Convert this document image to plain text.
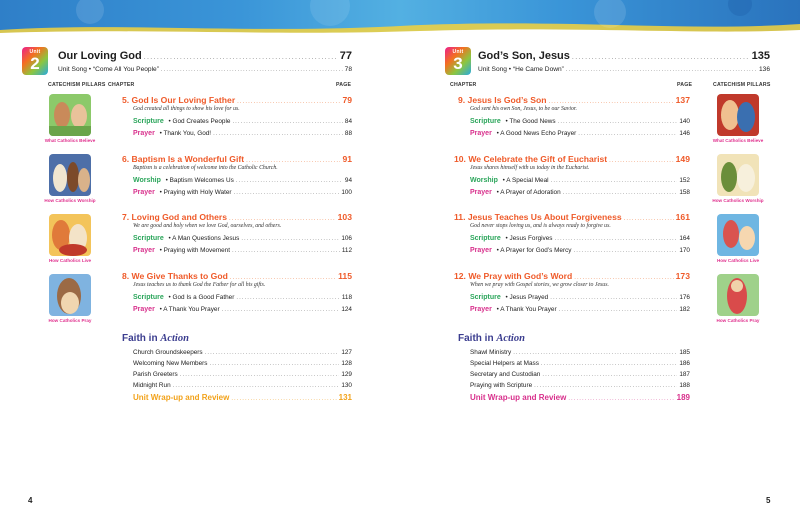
Unit
2	Our Loving God . . .	77
Unit Song • “Come All You People” . . .	78
CATECHISM PILLARS CHAPTER	PAGE
What Catholics Believe
How Catholics Worship
How Catholics Live
How Catholics Pray
5. God Is Our Loving Father . . .	79
God created all things to show his love for us.
Scripture • God Creates People . . .	84
Prayer • Thank You, God! . . .	88
6. Baptism Is a Wonderful Gift . . .	91
Baptism is a celebration of welcome into the Catholic Church.
Worship • Baptism Welcomes Us . . .	94
Prayer • Praying with Holy Water . . .	100
7. Loving God and Others . . .	103
We are good and holy when we love God, ourselves, and others.
Scripture • A Man Questions Jesus . . .	106
Prayer • Praying with Movement . . .	112
8. We Give Thanks to God . . .	115
Jesus teaches us to thank God the Father for all his gifts.
Scripture • God Is a Good Father . . .	118
Prayer • A Thank You Prayer . . .	124
Faith in Action
Church Groundskeepers . . .	127
Welcoming New Members . . .	128
Parish Greeters . . .	129
Midnight Run . . .	130
Unit Wrap-up and Review . . .	131
4
Unit
3	God’s Son, Jesus . . .	135
Unit Song • “He Came Down” . . .	136
CHAPTER	PAGE	CATECHISM PILLARS
What Catholics Believe
How Catholics Worship
How Catholics Live
How Catholics Pray
9. Jesus Is God’s Son . . .	137
God sent his own Son, Jesus, to be our Savior.
Scripture • The Good News . . .	140
Prayer • A Good News Echo Prayer . . .	146
10. We Celebrate the Gift of Eucharist . . .	149
Jesus shares himself with us today in the Eucharist.
Worship • A Special Meal . . .	152
Prayer • A Prayer of Adoration . . .	158
11. Jesus Teaches Us About Forgiveness . . .	161
God never stops loving us, and is always ready to forgive us.
Scripture • Jesus Forgives . . .	164
Prayer • A Prayer for God’s Mercy . . .	170
12. We Pray with God’s Word . . .	173
When we pray with Gospel stories, we grow closer to Jesus.
Scripture • Jesus Prayed . . .	176
Prayer • A Thank You Prayer . . .	182
Faith in Action
Shawl Ministry . . .	185
Special Helpers at Mass . . .	186
Secretary and Custodian . . .	187
Praying with Scripture . . .	188
Unit Wrap-up and Review . . .	189
5
